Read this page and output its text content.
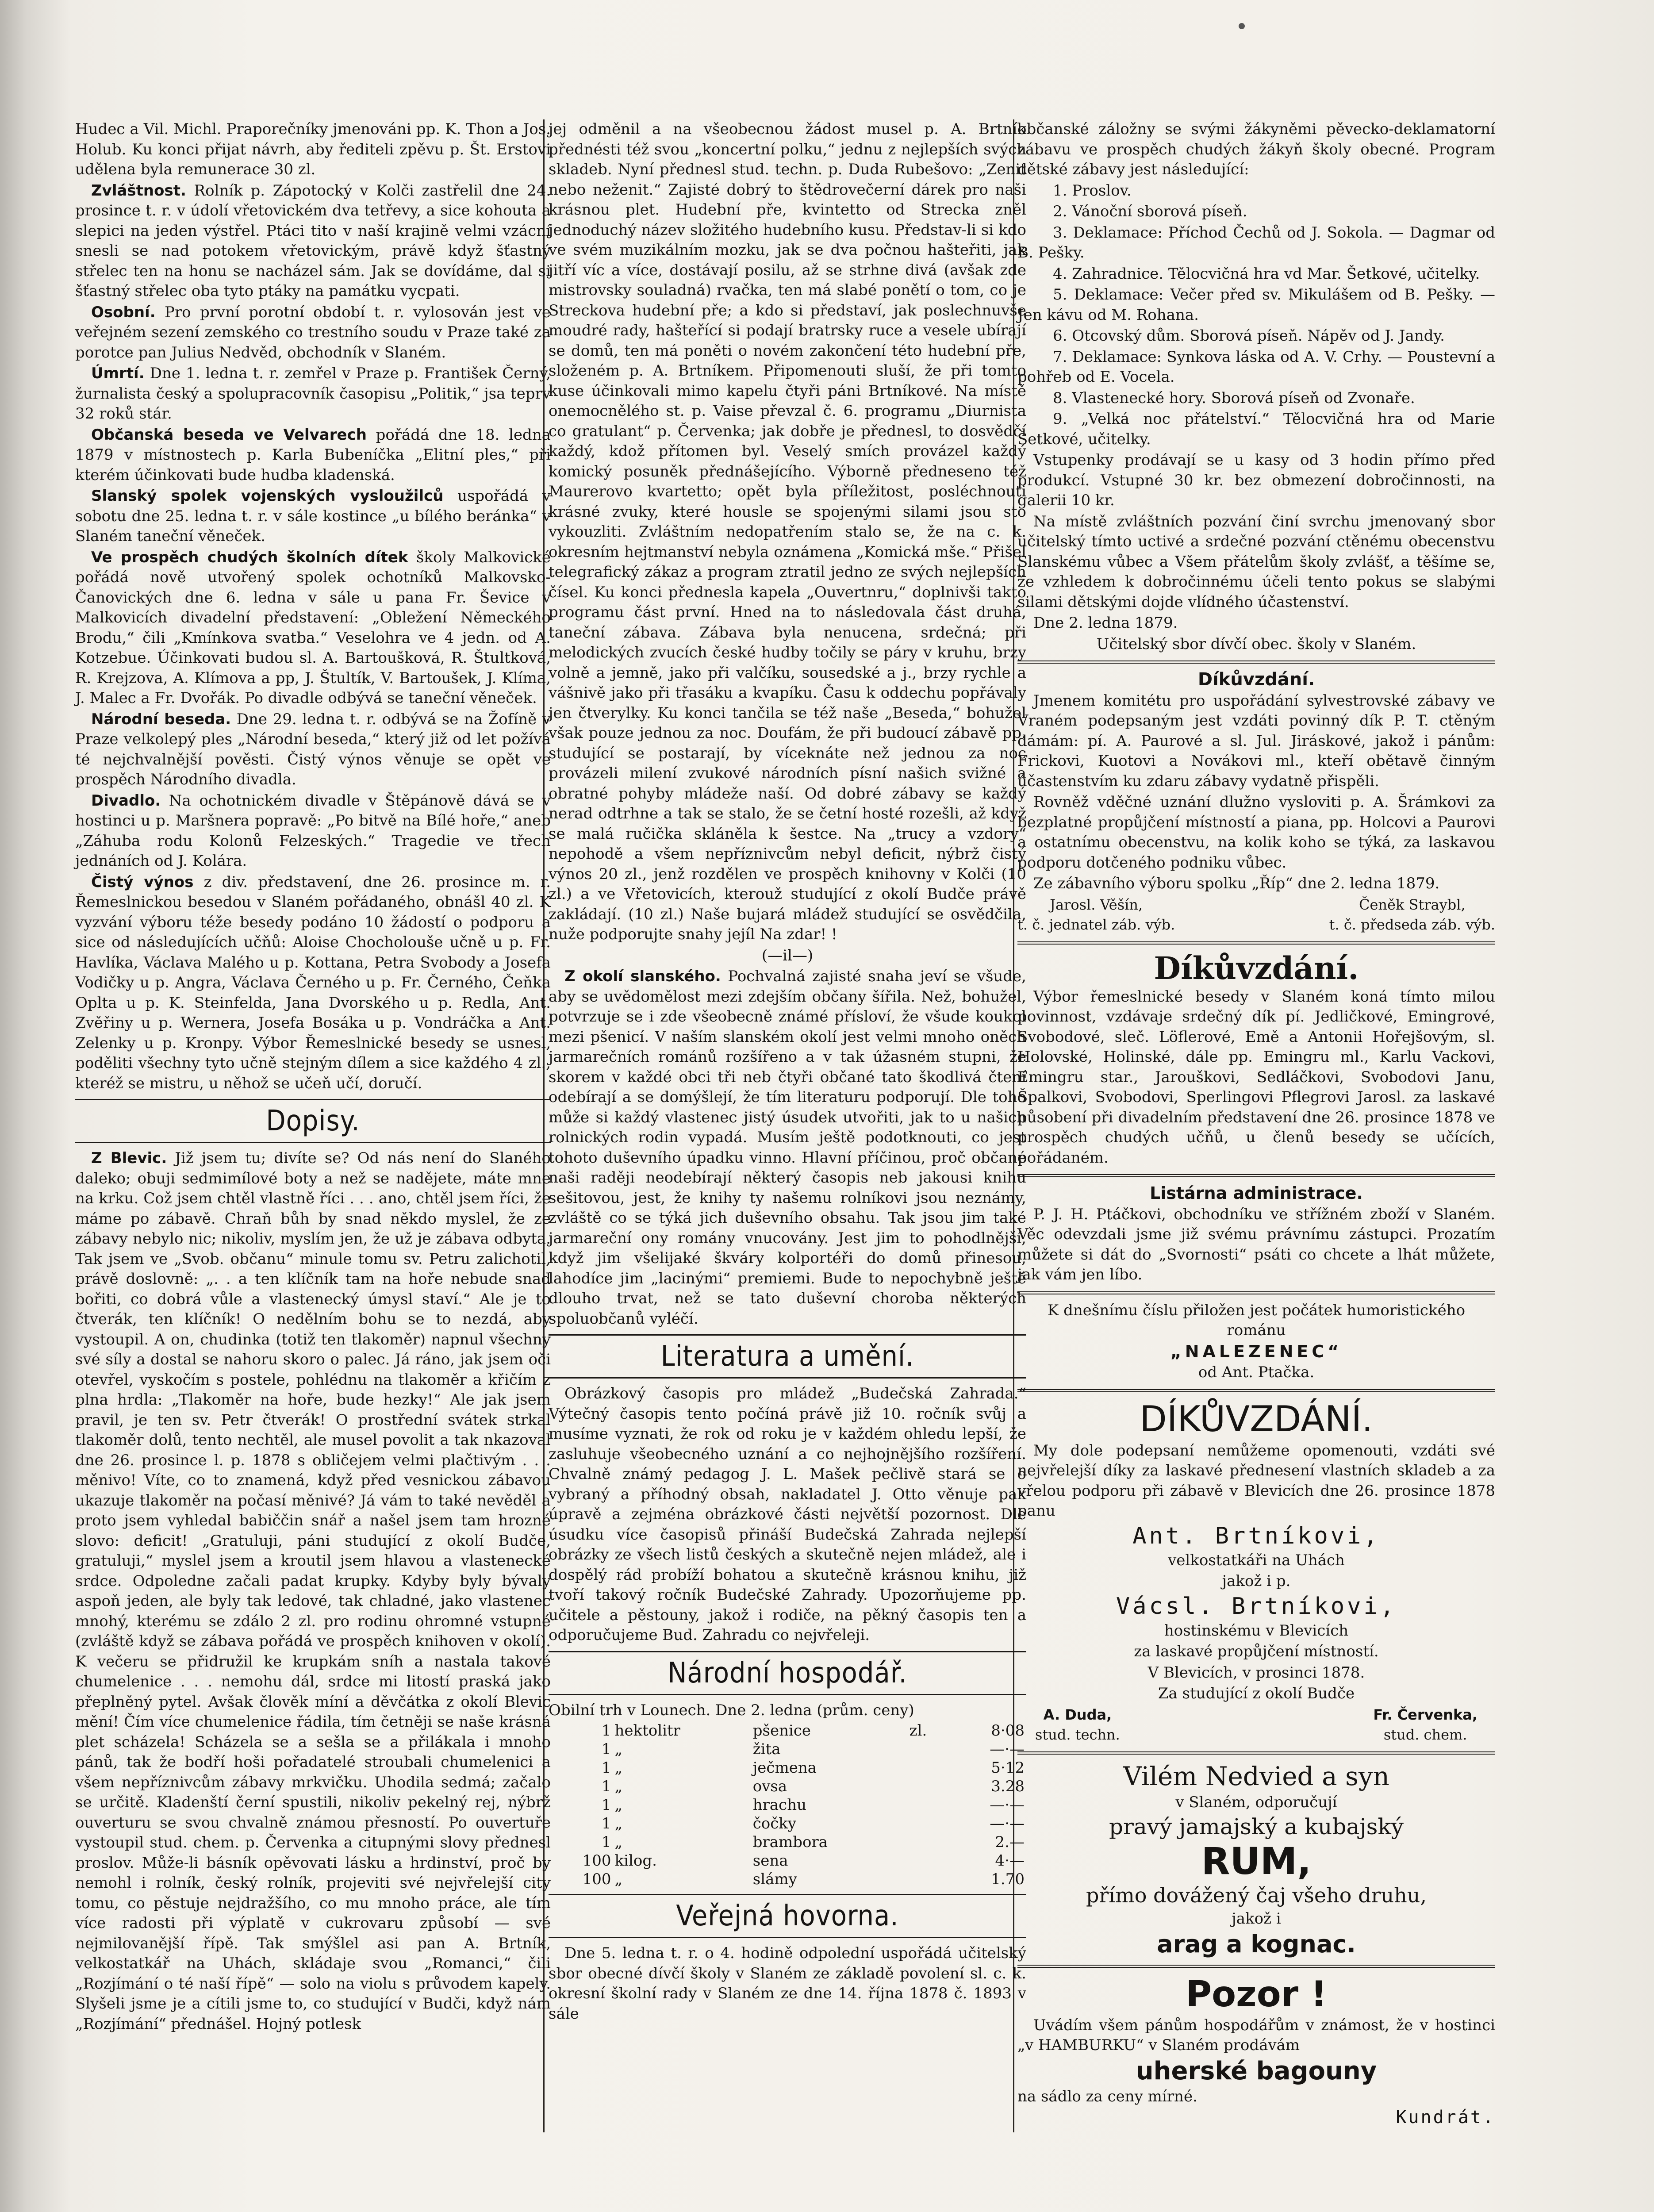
Hudec a Vil. Michl. Praporečníky jmenováni pp. K. Thon a Jos. Holub. Ku konci přijat návrh, aby řediteli zpěvu p. Št. Erstovi udělena byla remunerace 30 zl.

Zvláštnost. Rolník p. Zápotocký v Kolči zastřelil dne 24. prosince t. r. v údolí vřetovickém dva tetřevy, a sice kohouta a slepici na jeden výstřel. Ptáci tito v naší krajině velmi vzácní snesli se nad potokem vřetovickým, právě když šťastný střelec ten na honu se nacházel sám. Jak se dovídáme, dal si šťastný střelec oba tyto ptáky na památku vycpati.

Osobní. Pro první porotní období t. r. vylosován jest ve veřejném sezení zemského co trestního soudu v Praze také za porotce pan Julius Nedvěd, obchodník v Slaném.

Úmrtí. Dne 1. ledna t. r. zemřel v Praze p. František Černý, žurnalista český a spolupracovník časopisu „Politik,“ jsa teprv 32 roků stár.

Občanská beseda ve Velvarech pořádá dne 18. ledna 1879 v místnostech p. Karla Bubeníčka „Elitní ples,“ při kterém účinkovati bude hudba kladenská.

Slanský spolek vojenských vysloužilců uspořádá v sobotu dne 25. ledna t. r. v sále kostince „u bílého beránka“ v Slaném taneční věneček.

Ve prospěch chudých školních dítek školy Malkovické pořádá nově utvořený spolek ochotníků Malkovsko-Čanovických dne 6. ledna v sále u pana Fr. Ševice v Malkovicích divadelní představení: „Obležení Německého Brodu,“ čili „Kmínkova svatba.“ Veselohra ve 4 jedn. od A. Kotzebue. Účinkovati budou sl. A. Bartoušková, R. Štultková, R. Krejzova, A. Klímova a pp, J. Štultík, V. Bartoušek, J. Klíma, J. Malec a Fr. Dvořák. Po divadle odbývá se taneční věneček.

Národní beseda. Dne 29. ledna t. r. odbývá se na Žofíně v Praze velkolepý ples „Národní beseda,“ který již od let požívá té nejchvalnější pověsti. Čistý výnos věnuje se opět ve prospěch Národního divadla.

Divadlo. Na ochotnickém divadle v Štěpánově dává se v hostinci u p. Maršnera popravě: „Po bitvě na Bílé hoře,“ aneb „Záhuba rodu Kolonů Felzeských.“ Tragedie ve třech jednáních od J. Kolára.

Čistý výnos z div. představení, dne 26. prosince m. r. Řemeslnickou besedou v Slaném pořádaného, obnášl 40 zl. K vyzvání výboru téže besedy podáno 10 žádostí o podporu a sice od následujících učňů: Aloise Chocholouše učně u p. Fr. Havlíka, Václava Malého u p. Kottana, Petra Svobody a Josefa Vodičky u p. Angra, Václava Černého u p. Fr. Černého, Čeňka Oplta u p. K. Steinfelda, Jana Dvorského u p. Redla, Ant. Zvěřiny u p. Wernera, Josefa Bosáka u p. Vondráčka a Ant. Zelenky u p. Kronpy. Výbor Řemeslnické besedy se usnesl, poděliti všechny tyto učně stejným dílem a sice každého 4 zl., kteréž se mistru, u něhož se učeň učí, doručí.

Dopisy.

Z Blevic. Již jsem tu; divíte se? Od nás není do Slaného daleko; obuji sedmimílové boty a než se nadějete, máte mne na krku. Což jsem chtěl vlastně říci . . . ano, chtěl jsem říci, že máme po zábavě. Chraň bůh by snad někdo myslel, že ze zábavy nebylo nic; nikoliv, myslím jen, že už je zábava odbyta. Tak jsem ve „Svob. občanu“ minule tomu sv. Petru zalichotil, právě doslovně: „. . a ten klíčník tam na hoře nebude snad bořiti, co dobrá vůle a vlastenecký úmysl staví.“ Ale je to čtverák, ten klíčník! O nedělním bohu se to nezdá, aby vystoupil. A on, chudinka (totiž ten tlakoměr) napnul všechny své síly a dostal se nahoru skoro o palec. Já ráno, jak jsem oči otevřel, vyskočím s postele, pohlédnu na tlakoměr a křičím z plna hrdla: „Tlakoměr na hoře, bude hezky!“ Ale jak jsem pravil, je ten sv. Petr čtverák! O prostřední svátek strkal tlakoměr dolů, tento nechtěl, ale musel povolit a tak nkazoval dne 26. prosince l. p. 1878 s obličejem velmi plačtivým . . . měnivo! Víte, co to znamená, když před vesnickou zábavou ukazuje tlakoměr na počasí měnivé? Já vám to také nevěděl a proto jsem vyhledal babiččin snář a našel jsem tam hrozné slovo: deficit! „Gratuluji, páni studující z okolí Budče, gratuluji,“ myslel jsem a kroutil jsem hlavou a vlastenecké srdce. Odpoledne začali padat krupky. Kdyby byly bývaly aspoň jeden, ale byly tak ledové, tak chladné, jako vlastenec mnohý, kterému se zdálo 2 zl. pro rodinu ohromné vstupné (zvláště když se zábava pořádá ve prospěch knihoven v okolí). K večeru se přidružil ke krupkám sníh a nastala takové chumelenice . . . nemohu dál, srdce mi litostí praská jako přeplněný pytel. Avšak člověk míní a děvčátka z okolí Blevic mění! Čím více chumelenice řádila, tím četněji se naše krásná plet scházela! Scházela se a sešla se a přilákala i mnoho pánů, tak že bodří hoši pořadatelé stroubali chumelenici a všem nepříznivcům zábavy mrkvičku. Uhodila sedmá; začalo se určitě. Kladenští černí spustili, nikoliv pekelný rej, nýbrž ouverturu se svou chvalně známou přesností. Po ouvertuře vystoupil stud. chem. p. Červenka a citupnými slovy přednesl proslov. Může-li básník opěvovati lásku a hrdinství, proč by nemohl i rolník, český rolník, projeviti své nejvřelejší city tomu, co pěstuje nejdražšího, co mu mnoho práce, ale tím více radosti při výplatě v cukrovaru způsobí — své nejmilovanější řípě. Tak smýšlel asi pan A. Brtník, velkostatkář na Uhách, skládaje svou „Romanci,“ čili „Rozjímání o té naší řípě“ — solo na violu s průvodem kapely. Slyšeli jsme je a cítili jsme to, co studující v Budči, když nám „Rozjímání“ přednášel. Hojný potlesk

jej odměnil a na všeobecnou žádost musel p. A. Brtník přednésti též svou „koncertní polku,“ jednu z nejlepších svých skladeb. Nyní přednesl stud. techn. p. Duda Rubešovo: „Zenit nebo neženit.“ Zajisté dobrý to štědrovečerní dárek pro naši krásnou plet. Hudební pře, kvintetto od Strecka zněl jednoduchý název složitého hudebního kusu. Představ-li si kdo ve svém muzikálním mozku, jak se dva počnou hašteřiti, jak jitří víc a více, dostávají posilu, až se strhne divá (avšak zde mistrovsky souladná) rvačka, ten má slabé ponětí o tom, co je Streckova hudební pře; a kdo si představí, jak poslechnuvše moudré rady, hašteřící si podají bratrsky ruce a vesele ubírají se domů, ten má poněti o novém zakončení této hudební pře, složeném p. A. Brtníkem. Připomenouti sluší, že při tomto kuse účinkovali mimo kapelu čtyři páni Brtníkové. Na místě onemocnělého st. p. Vaise převzal č. 6. programu „Diurnista co gratulant“ p. Červenka; jak dobře je přednesl, to dosvědčí každý, kdož přítomen byl. Veselý smích provázel každý komický posuněk přednášejícího. Výborně předneseno též Maurerovo kvartetto; opět byla příležitost, posléchnouti krásné zvuky, které housle se spojenými silami jsou sto vykouzliti. Zvláštním nedopatřením stalo se, že na c. k. okresním hejtmanství nebyla oznámena „Komická mše.“ Přišel telegrafický zákaz a program ztratil jedno ze svých nejlepších čísel. Ku konci přednesla kapela „Ouvertnru,“ doplnivši takto programu část první. Hned na to následovala část druhá, taneční zábava. Zábava byla nenucena, srdečná; při melodických zvucích české hudby točily se páry v kruhu, brzy volně a jemně, jako při valčíku, sousedské a j., brzy rychle a vášnivě jako při třasáku a kvapíku. Času k oddechu popřávaly jen čtverylky. Ku konci tančila se též naše „Beseda,“ bohužel však pouze jednou za noc. Doufám, že při budoucí zábavě pp. studující se postarají, by víceknáte než jednou za noc provázeli milení zvukové národních písní našich svižné a obratné pohyby mládeže naší. Od dobré zábavy se každý nerad odtrhne a tak se stalo, že se četní hosté rozešli, až když se malá ručička skláněla k šestce. Na „trucy a vzdory“ nepohodě a všem nepříznivcům nebyl deficit, nýbrž čistý výnos 20 zl., jenž rozdělen ve prospěch knihovny v Kolči (10 zl.) a ve Vřetovicích, kterouž studující z okolí Budče právě zakládají. (10 zl.) Naše bujará mládež studující se osvědčila, nuže podporujte snahy jejíl Na zdar! !

(—il—)

Z okolí slanského. Pochvalná zajisté snaha jeví se všude, aby se uvědomělost mezi zdejším občany šířila. Než, bohužel, potvrzuje se i zde všeobecně známé přísloví, že všude koukol mezi pšenicí. V naším slanském okolí jest velmi mnoho oněch jarmarečních románů rozšířeno a v tak úžasném stupni, že skorem v každé obci tři neb čtyři občané tato škodlivá čtení odebírají a se domýšlejí, že tím literaturu podporují. Dle toho může si každý vlastenec jistý úsudek utvořiti, jak to u našich rolnických rodin vypadá. Musím ještě podotknouti, co jest tohoto duševního úpadku vinno. Hlavní příčinou, proč občané naši raději neodebírají některý časopis neb jakousi knihu sešitovou, jest, že knihy ty našemu rolníkovi jsou neznámy, zvláště co se týká jich duševního obsahu. Tak jsou jim také jarmareční ony romány vnucovány. Jest jim to pohodlnější, když jim všelijaké škváry kolportéři do domů přinesou, lahodíce jim „lacinými“ premiemi. Bude to nepochybně ještě dlouho trvat, než se tato duševní choroba některých spoluobčanů vyléčí.

Literatura a umění.

Obrázkový časopis pro mládež „Budečská Zahrada.“ Výtečný časopis tento počíná právě již 10. ročník svůj a musíme vyznati, že rok od roku je v každém ohledu lepší, že zasluhuje všeobecného uznání a co nejhojnějšího rozšíření. Chvalně známý pedagog J. L. Mašek pečlivě stará se o vybraný a příhodný obsah, nakladatel J. Otto věnuje pak úpravě a zejména obrázkové části největší pozornost. Dle úsudku více časopisů přináší Budečská Zahrada nejlepší obrázky ze všech listů českých a skutečně nejen mládež, ale i dospělý rád probíží bohatou a skutečně krásnou knihu, již tvoří takový ročník Budečské Zahrady. Upozorňujeme pp. učitele a pěstouny, jakož i rodiče, na pěkný časopis ten a odporučujeme Bud. Zahradu co nejvřeleji.

Národní hospodář.

Obilní trh v Lounech. Dne 2. ledna (prům. ceny)

1	hektolitr	pšenice	zl.	8·08
1	„	žita		—·—
1	„	ječmena		5·12
1	„	ovsa		3.28
1	„	hrachu		—·—
1	„	čočky		—·—
1	„	brambora		2.—
100	kilog.	sena		4·—
100	„	slámy		1.70
Veřejná hovorna.

Dne 5. ledna t. r. o 4. hodině odpolední uspořádá učitelský sbor obecné dívčí školy v Slaném ze základě povolení sl. c. k. okresní školní rady v Slaném ze dne 14. října 1878 č. 1893 v sále

občanské záložny se svými žákyněmi pěvecko-deklamatorní zábavu ve prospěch chudých žákyň školy obecné. Program dětské zábavy jest následující:

1. Proslov.

2. Vánoční sborová píseň.

3. Deklamace: Příchod Čechů od J. Sokola. — Dagmar od B. Pešky.

4. Zahradnice. Tělocvičná hra vd Mar. Šetkové, učitelky.

5. Deklamace: Večer před sv. Mikulášem od B. Pešky. — Jen kávu od M. Rohana.

6. Otcovský dům. Sborová píseň. Nápěv od J. Jandy.

7. Deklamace: Synkova láska od A. V. Crhy. — Poustevní a pohřeb od E. Vocela.

8. Vlastenecké hory. Sborová píseň od Zvonaře.

9. „Velká noc přátelství.“ Tělocvičná hra od Marie Šetkové, učitelky.

Vstupenky prodávají se u kasy od 3 hodin přímo před produkcí. Vstupné 30 kr. bez obmezení dobročinnosti, na galerii 10 kr.

Na místě zvláštních pozvání činí svrchu jmenovaný sbor učitelský tímto uctivé a srdečné pozvání ctěnému obecenstvu Slanskému vůbec a Všem přátelům školy zvlášť, a těšíme se, že vzhledem k dobročinnému účeli tento pokus se slabými silami dětskými dojde vlídného účastenství.

Dne 2. ledna 1879.

Učitelský sbor dívčí obec. školy v Slaném.

Díkůvzdání.

Jmenem komitétu pro uspořádání sylvestrovské zábavy ve Vraném podepsaným jest vzdáti povinný dík P. T. ctěným dámám: pí. A. Paurové a sl. Jul. Jiráskové, jakož i pánům: Frickovi, Kuotovi a Novákovi ml., kteří obětavě činným účastenstvím ku zdaru zábavy vydatně přispěli.

Rovněž vděčné uznání dlužno vysloviti p. A. Šrámkovi za bezplatné propůjčení místností a piana, pp. Holcovi a Paurovi a ostatnímu obecenstvu, na kolik koho se týká, za laskavou podporu dotčeného podniku vůbec.

Ze zábavního výboru spolku „Říp“ dne 2. ledna 1879.

Jarosl. Věšín,
t. č. jednatel záb. výb.
Čeněk Straybl,
t. č. předseda záb. výb.

Díkůvzdání.

Výbor řemeslnické besedy v Slaném koná tímto milou povinnost, vzdávaje srdečný dík pí. Jedličkové, Emingrové, Svobodové, sleč. Löflerové, Emě a Antonii Hořejšovým, sl. Holovské, Holinské, dále pp. Emingru ml., Karlu Vackovi, Emingru star., Jarouškovi, Sedláčkovi, Svobodovi Janu, Špalkovi, Svobodovi, Sperlingovi Pflegrovi Jarosl. za laskavé působení při divadelním představení dne 26. prosince 1878 ve prospěch chudých učňů, u členů besedy se učících, pořádaném.

Listárna administrace.

P. J. H. Ptáčkovi, obchodníku ve střížném zboží v Slaném. Věc odevzdali jsme již svému právnímu zástupci. Prozatím můžete si dát do „Svornosti“ psáti co chcete a lhát můžete, jak vám jen líbo.

K dnešnímu číslu přiložen jest počátek humoristického románu

„NALEZENEC“

od Ant. Ptačka.

DÍKŮVZDÁNÍ.

My dole podepsaní nemůžeme opomenouti, vzdáti své nejvřelejší díky za laskavé přednesení vlastních skladeb a za vřelou podporu při zábavě v Blevicích dne 26. prosince 1878 panu

Ant. Brtníkovi,

velkostatkáři na Uhách

jakož i p.

Vácsl. Brtníkovi,

hostinskému v Blevicích

za laskavé propůjčení místností.

V Blevicích, v prosinci 1878.

Za studující z okolí Budče

A. Duda,
stud. techn.
Fr. Červenka,
stud. chem.

Vilém Nedvied a syn

v Slaném, odporučují

pravý jamajský a kubajský

RUM,

přímo dovážený čaj všeho druhu,

jakož i

arag a kognac.

Pozor !

Uvádím všem pánům hospodářům v známost, že v hostinci „v HAMBURKU“ v Slaném prodávám

uherské bagouny

na sádlo za ceny mírné.

Kundrát.
